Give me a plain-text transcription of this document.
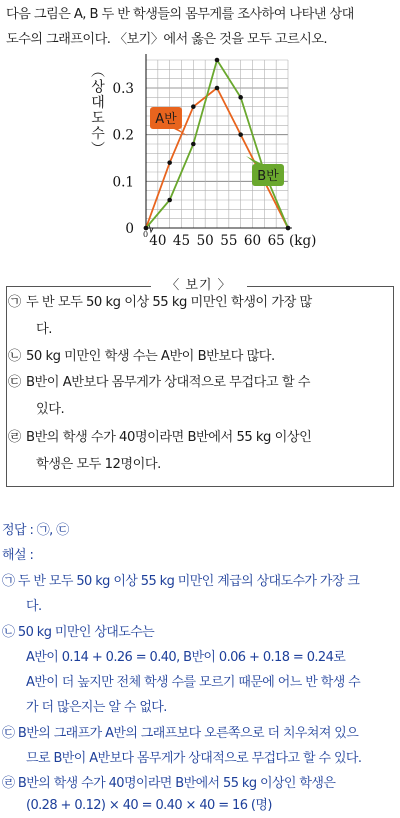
다음 그림은 A, B 두 반 학생들의 몸무게를 조사하여 나타낸 상대
도수의 그래프이다. 〈보기〉에서 옳은 것을 모두 고르시오.
0
0.1
0.2
0.3
40 45 50 55 60 65 (kg)
0
︵ 상 대 도 수 ︶
A반
B반
〈 보기 〉
㉠ 두 반 모두 50 kg 이상 55 kg 미만인 학생이 가장 많
다.
㉡ 50 kg 미만인 학생 수는 A반이 B반보다 많다.
㉢ B반이 A반보다 몸무게가 상대적으로 무겁다고 할 수
있다.
㉣ B반의 학생 수가 40명이라면 B반에서 55 kg 이상인
학생은 모두 12명이다.
정답 : ㉠, ㉢
해설 :
㉠ 두 반 모두 50 kg 이상 55 kg 미만인 계급의 상대도수가 가장 크
다.
㉡ 50 kg 미만인 상대도수는
A반이 0.14 + 0.26 = 0.40, B반이 0.06 + 0.18 = 0.24로
A반이 더 높지만 전체 학생 수를 모르기 때문에 어느 반 학생 수
가 더 많은지는 알 수 없다.
㉢ B반의 그래프가 A반의 그래프보다 오른쪽으로 더 치우쳐져 있으
므로 B반이 A반보다 몸무게가 상대적으로 무겁다고 할 수 있다.
㉣ B반의 학생 수가 40명이라면 B반에서 55 kg 이상인 학생은
(0.28 + 0.12) × 40 = 0.40 × 40 = 16 (명)
